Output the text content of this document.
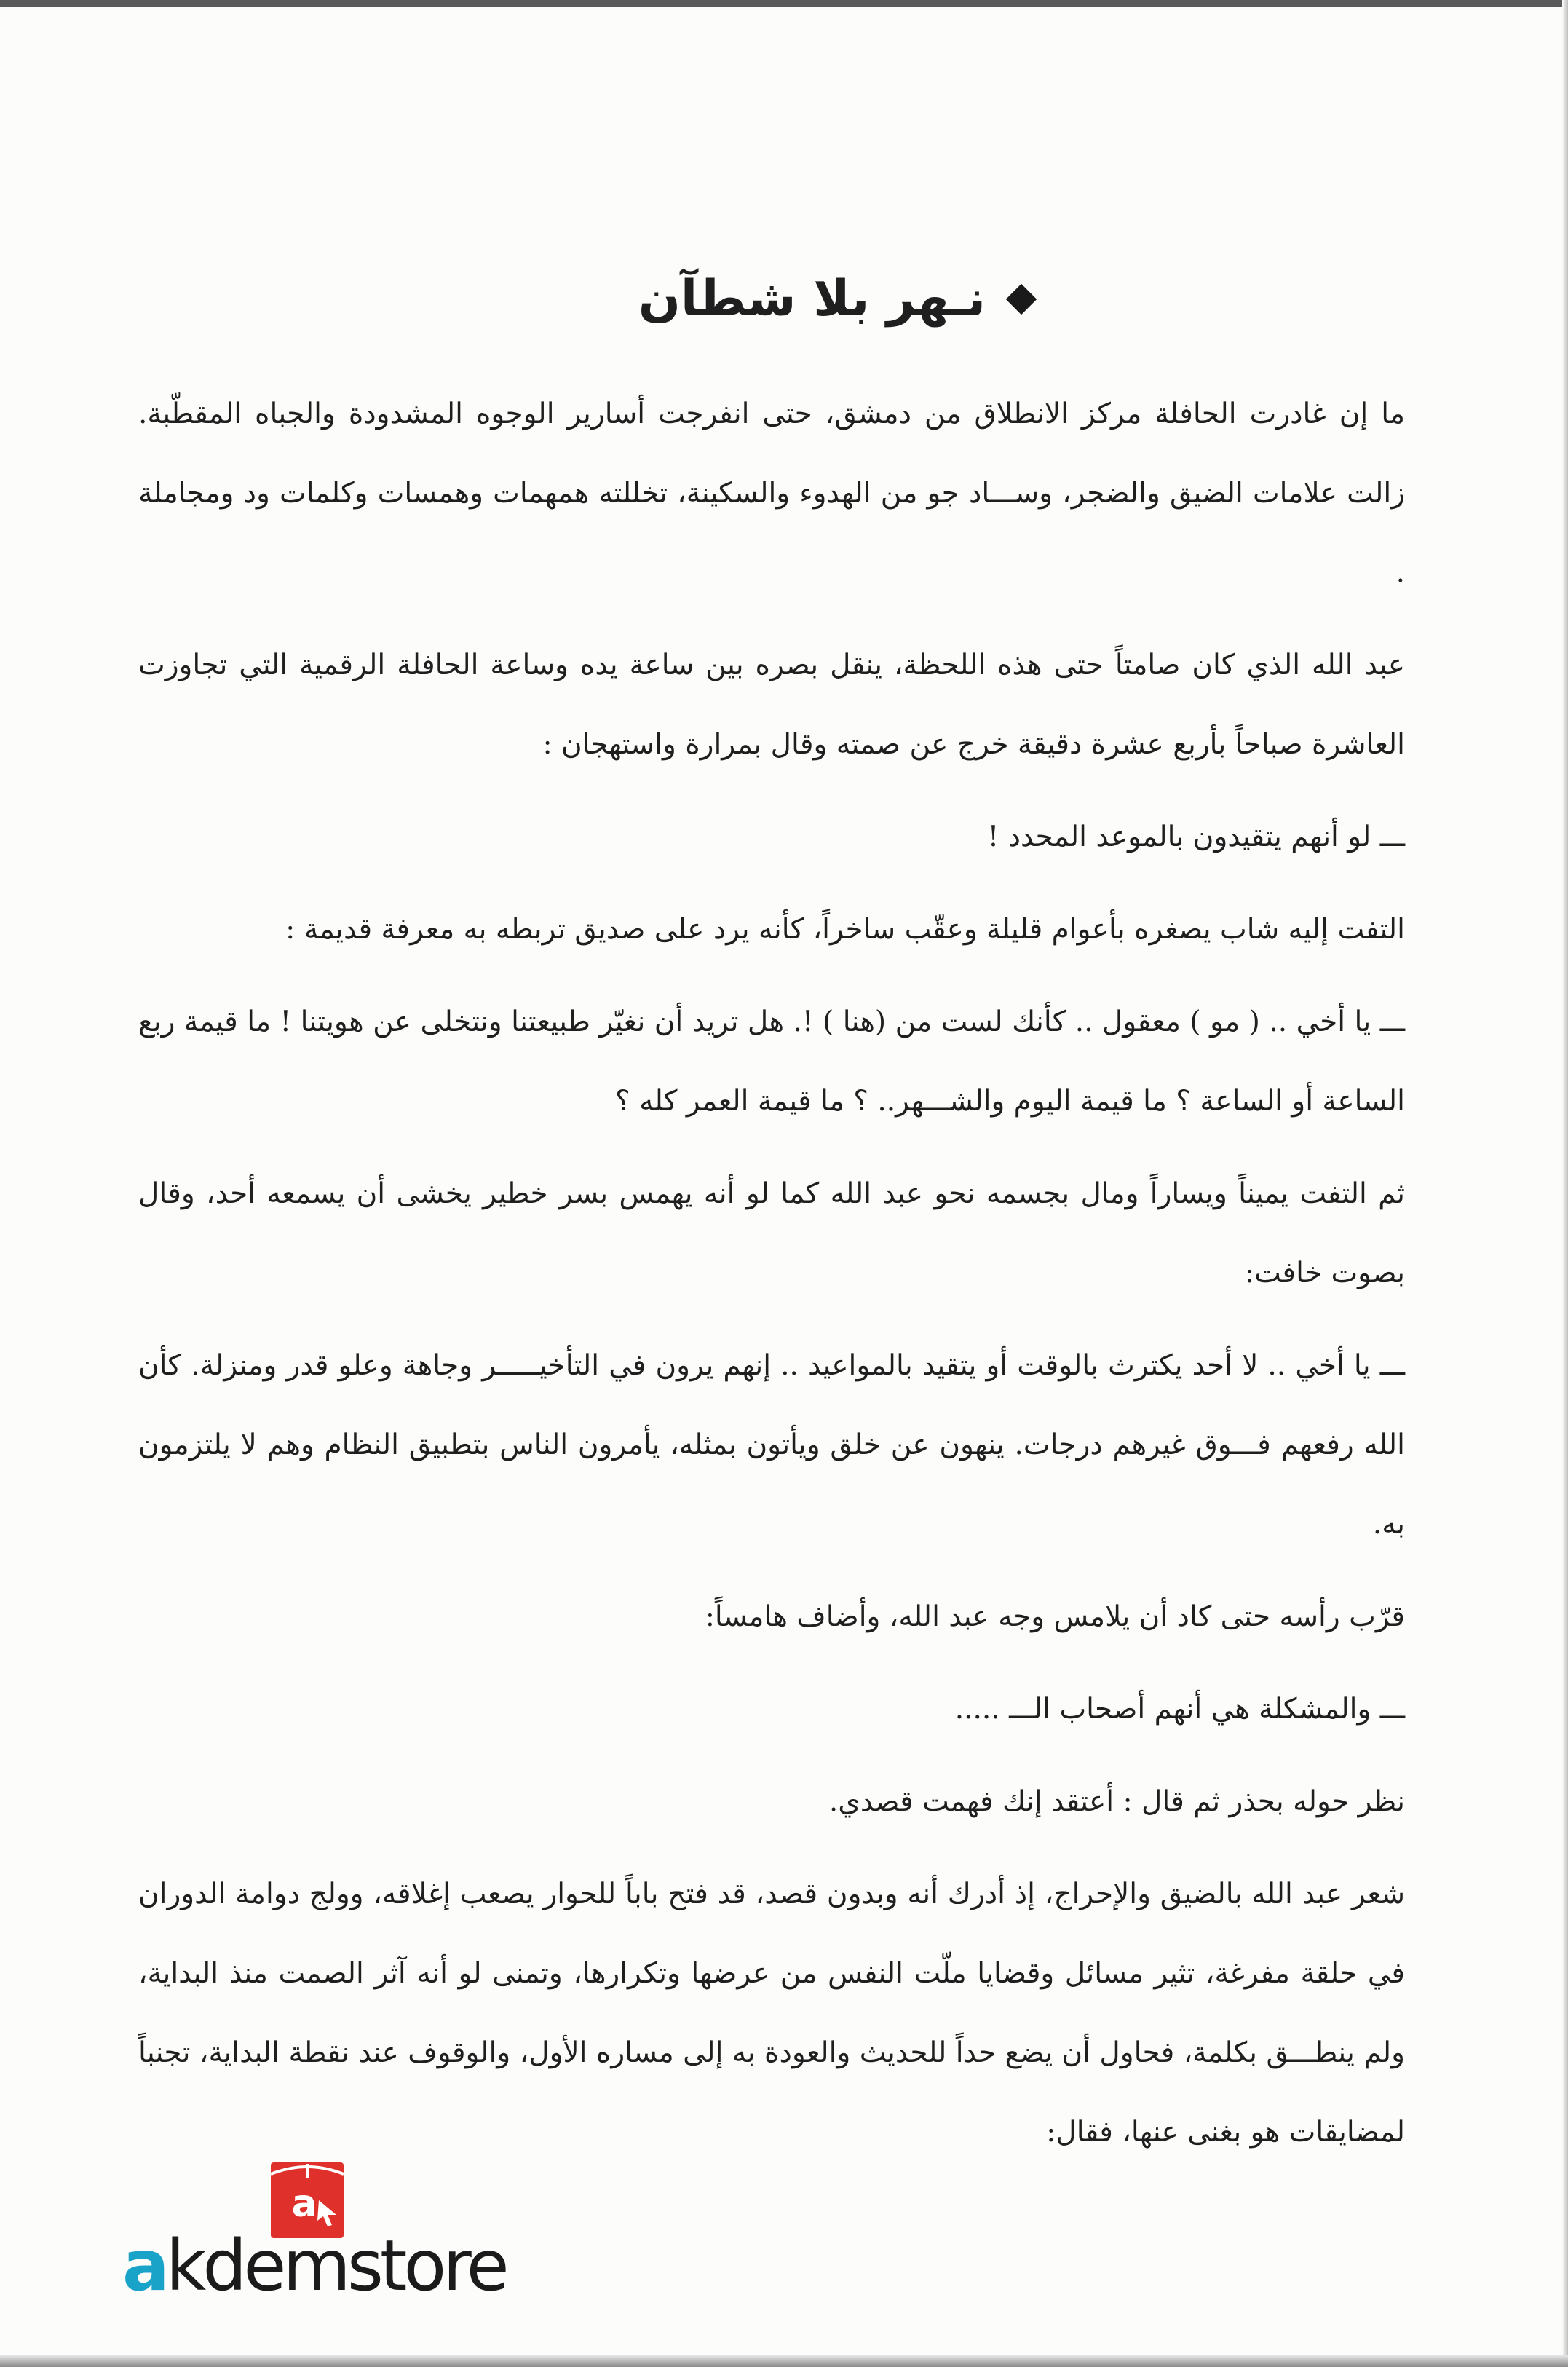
نـهر بلا شطآن

ما إن غادرت الحافلة مركز الانطلاق من دمشق، حتى انفرجت أسارير الوجوه المشدودة والجباه المقطّبة. زالت علامات الضيق والضجر، وســـاد جو من الهدوء والسكينة، تخللته همهمات وهمسات وكلمات ود ومجاملة .

عبد الله الذي كان صامتاً حتى هذه اللحظة، ينقل بصره بين ساعة يده وساعة الحافلة الرقمية التي تجاوزت العاشرة صباحاً بأربع عشرة دقيقة خرج عن صمته وقال بمرارة واستهجان :

ـــ لو أنهم يتقيدون بالموعد المحدد !

التفت إليه شاب يصغره بأعوام قليلة وعقّب ساخراً، كأنه يرد على صديق تربطه به معرفة قديمة :

ـــ يا أخي .. ( مو ) معقول .. كأنك لست من (هنا ) !. هل تريد أن نغيّر طبيعتنا ونتخلى عن هويتنا ! ما قيمة ربع الساعة أو الساعة ؟ ما قيمة اليوم والشـــهر.. ؟ ما قيمة العمر كله ؟

ثم التفت يميناً ويساراً ومال بجسمه نحو عبد الله كما لو أنه يهمس بسر خطير يخشى أن يسمعه أحد، وقال بصوت خافت:

ـــ يا أخي .. لا أحد يكترث بالوقت أو يتقيد بالمواعيد .. إنهم يرون في التأخيـــــر وجاهة وعلو قدر ومنزلة. كأن الله رفعهم فـــوق غيرهم درجات. ينهون عن خلق ويأتون بمثله، يأمرون الناس بتطبيق النظام وهم لا يلتزمون به.

قرّب رأسه حتى كاد أن يلامس وجه عبد الله، وأضاف هامساً:

ـــ والمشكلة هي أنهم أصحاب الـــ .....

نظر حوله بحذر ثم قال : أعتقد إنك فهمت قصدي.

شعر عبد الله بالضيق والإحراج، إذ أدرك أنه وبدون قصد، قد فتح باباً للحوار يصعب إغلاقه، وولج دوامة الدوران في حلقة مفرغة، تثير مسائل وقضايا ملّت النفس من عرضها وتكرارها، وتمنى لو أنه آثر الصمت منذ البداية، ولم ينطـــق بكلمة، فحاول أن يضع حداً للحديث والعودة به إلى مساره الأول، والوقوف عند نقطة البداية، تجنباً لمضايقات هو بغنى عنها، فقال:

a
akdemstore
